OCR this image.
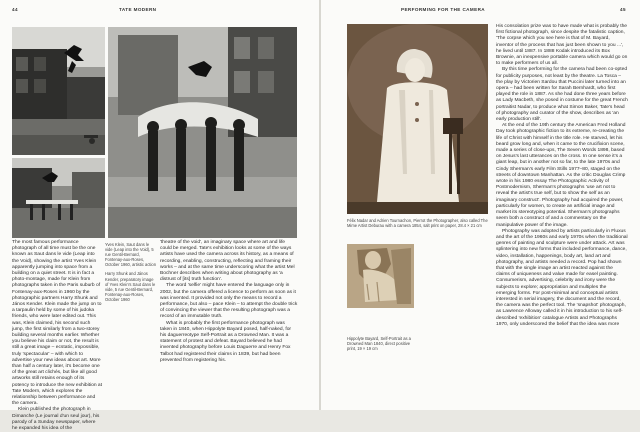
44	TATE MODERN

Yves Klein, Saut dans le vide (Leap into the Void), 5 rue Gentil-Bernard, Fontenay-aux-Roses, October 1960, artistic action

Harry Shunk and János Kender, preparatory image of Yves Klein's Saut dans le vide, 5 rue Gentil-Bernard, Fontenay-aux-Roses, October 1960

The most famous performance photograph of all time must be the one known as Saut dans le vide (Leap into the Void), showing the artist Yves Klein apparently jumping into space from a building on a quiet street. It is in fact a photo-montage, made for Klein from photographs taken in the Paris suburb of Fontenay-aux-Roses in 1960 by the photographic partners Harry Shunk and János Kender. Klein made the jump on to a tarpaulin held by some of his judoka friends, who were later edited out. This was, Klein claimed, his second such jump, the first similarly from a two-storey building several months earlier. Whether you believe his claim or not, the result is still a great image – ecstatic, impossible, truly 'spectacular' – with which to advertise your new ideas about art. More than half a century later, it's become one of the great art clichés, but like all good artworks still retains enough of its potency to introduce the new exhibition at Tate Modern, which explores the relationship between performance and the camera.

Klein published the photograph in Dimanche (Le journal d'un seul jour), his parody of a Sunday newspaper, where he expanded his idea of the

'theatre of the void', an imaginary space where art and life could be merged. Tate's exhibition looks at some of the ways artists have used the camera across its history, as a means of recording, enabling, constructing, reflecting and framing their works – and at the same time underscoring what the artist Mel Bochner describes when writing about photography as 'a distrust of [its] truth function'.

The word 'selfie' might have entered the language only in 2002, but the camera offered a licence to perform as soon as it was invented. It provided not only the means to record a performance, but also – pace Klein – to attempt the double trick of convincing the viewer that the resulting photograph was a record of an immutable truth.

What is probably the first performance photograph was taken in 1840, when Hippolyte Bayard posed, half-naked, for his daguerreotype Self-Portrait as a Drowned Man. It was a statement of protest and defeat. Bayard believed he had invented photography before Louis Daguerre and Henry Fox Talbot had registered their claims in 1839, but had been prevented from registering his.

PERFORMING FOR THE CAMERA	45
Félix Nadar and Adrien Tournachon, Pierrot the Photographer, also called The Mime Artist Deburau with a camera 1854, salt print on paper, 28.4 × 21 cm
Hippolyte Bayard, Self-Portrait as a Drowned Man 1840, direct positive print, 19 × 19 cm

His consolation prize was to have made what is probably the first fictional photograph, since despite the fatalistic caption, 'The corpse which you see here is that of M. Bayard, inventor of the process that has just been shown to you ...', he lived until 1887. In 1888 Kodak introduced its Box Brownie, an inexpensive portable camera which would go on to make performers of us all.

By this time performing for the camera had been co-opted for publicity purposes, not least by the theatre. La Tosca – the play by Victorien Sardou that Puccini later turned into an opera – had been written for Sarah Bernhardt, who first played the role in 1887. As she had done three years before as Lady Macbeth, she posed in costume for the great French portraitist Nadar, to produce what Simon Baker, Tate's head of photography and curator of the show, describes as 'an early production still'.

At the end of the 19th century the American Fred Holland Day took photographic fiction to its extreme, re-creating the life of Christ with himself in the title role. He starved, let his beard grow long and, when it came to the crucifixion scene, made a series of close-ups, The Seven Words 1898, based on Jesus's last utterances on the cross. In one sense it's a giant leap, but in another not so far, to the late 1970s and Cindy Sherman's early Film Stills 1977–80, staged on the streets of downtown Manhattan. As the critic Douglas Crimp wrote in his 1980 essay The Photographic Activity of Postmodernism, Sherman's photographs 'use art not to reveal the artist's true self, but to show the self as an imaginary construct'. Photography had acquired the power, particularly for women, to create an artificial image and market its stereotyping potential. Sherman's photographs seem both a construct of and a commentary on the manipulative power of the image.

Photography was adopted by artists particularly in Fluxus and the art of the 1960s and early 1970s when the traditional genres of painting and sculpture were under attack. Art was splintering into new forms that included performance, dance, video, installation, happenings, body art, land art and photography, and artists needed a record. Pop had shown that with the single image an artist reacted against the claims of uniqueness and value made for easel painting. Consumerism, advertising, celebrity and irony were the subjects to explore; appropriation and multiples the emerging forms. For post-minimal and conceptual artists interested in serial imagery, the document and the record, the camera was the perfect tool. The 'snapshot' photograph, as Lawrence Alloway called it in his introduction to his self-described 'exhibition' catalogue Artists and Photographs 1970, only underscored the belief that the idea was more
